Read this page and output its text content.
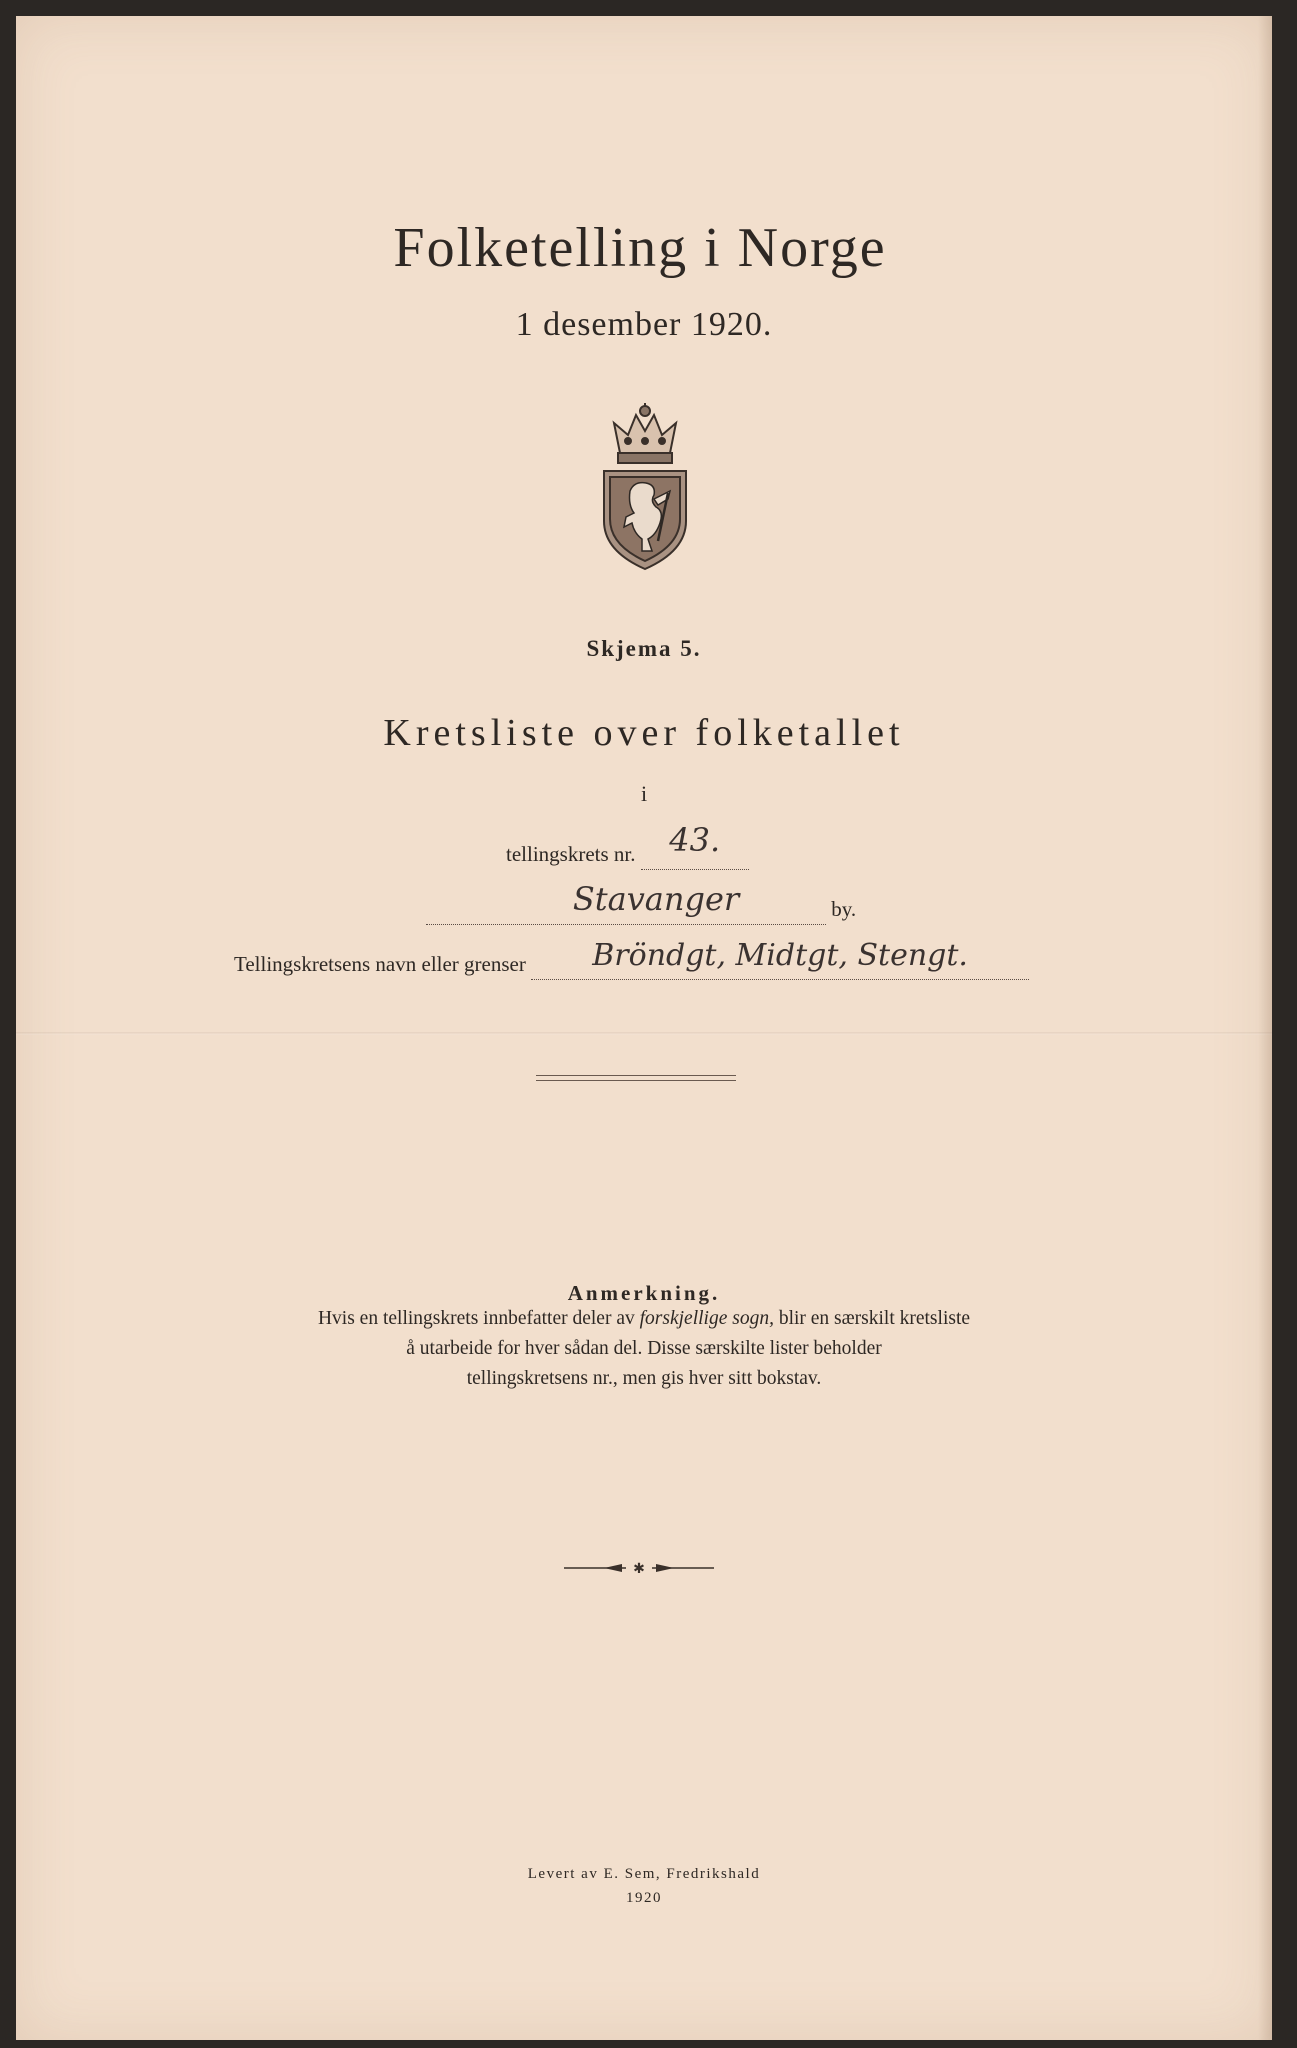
Folketelling i Norge
1 desember 1920.
Skjema 5.
Kretsliste over folketallet
i
tellingskrets nr. 43.
Stavanger	by.
Tellingskretsens navn eller grenser Bröndgt, Midtgt, Stengt.
Anmerkning.
Hvis en tellingskrets innbefatter deler av forskjellige sogn, blir en særskilt kretsliste
å utarbeide for hver sådan del. Disse særskilte lister beholder
tellingskretsens nr., men gis hver sitt bokstav.
✱
Levert av E. Sem, Fredrikshald
1920
